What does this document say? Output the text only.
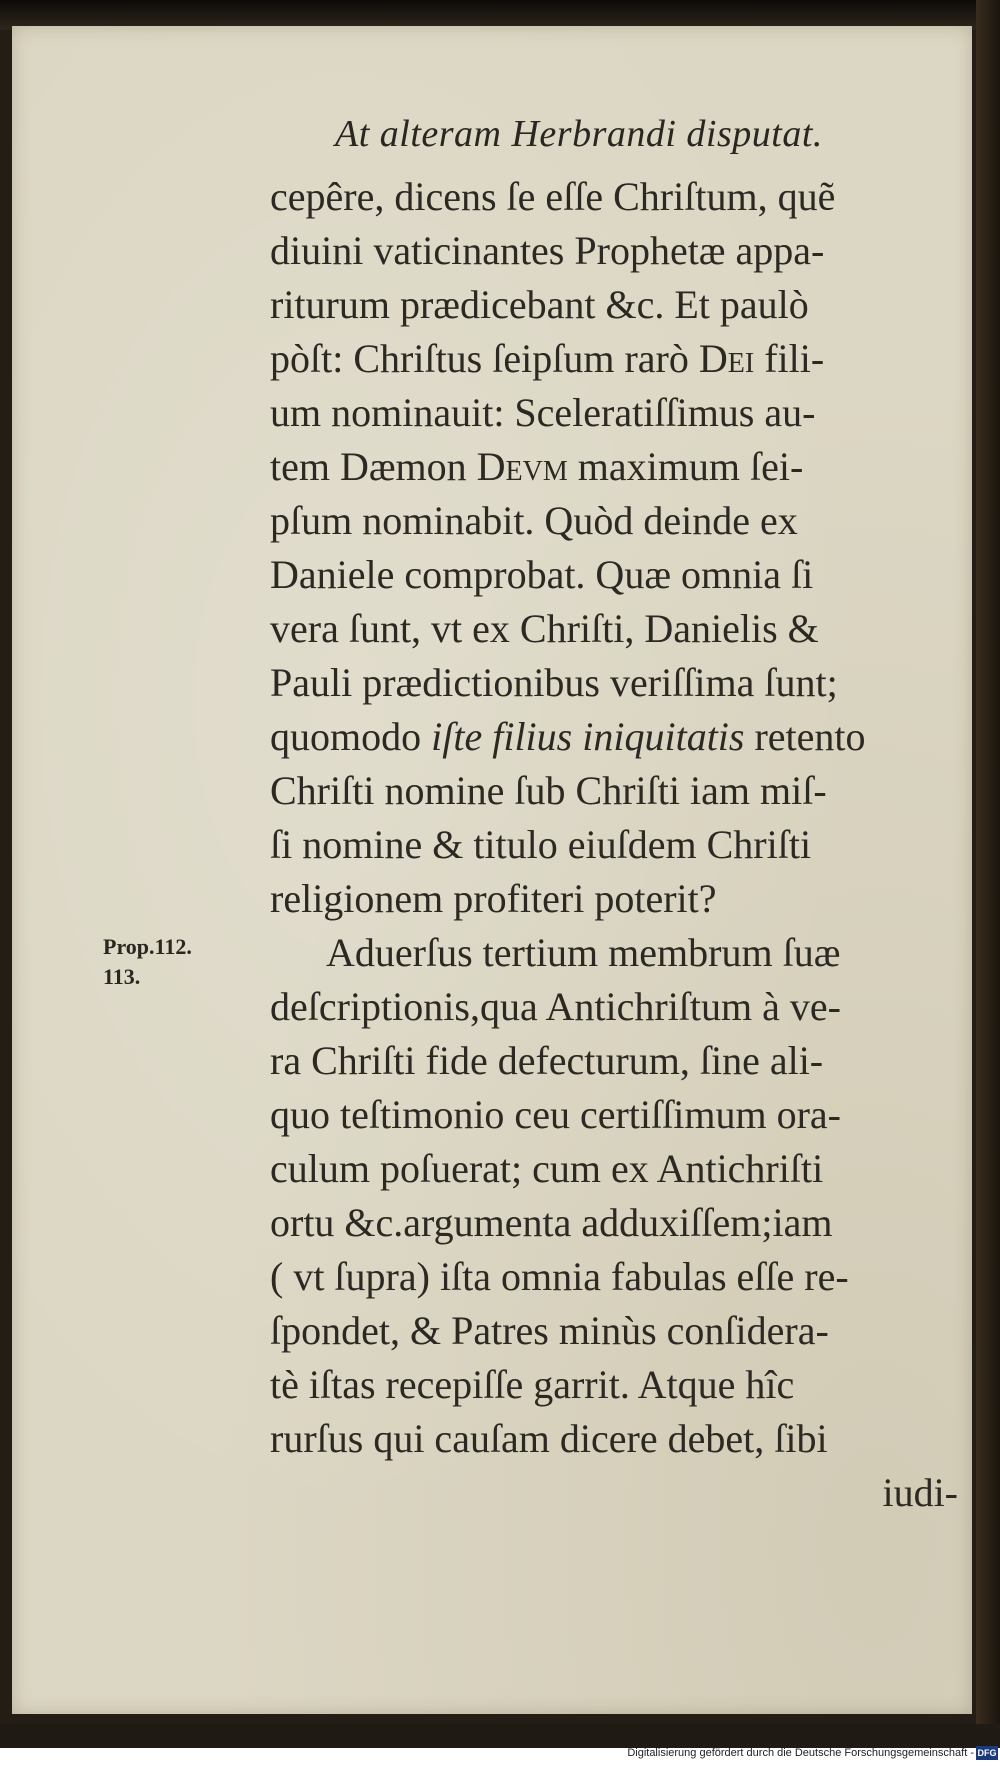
At alteram Herbrandi disputat.
Prop.112.
113.
cepêre, dicens ſe eſſe Chriſtum, quẽ
diuini vaticinantes Prophetæ appa-
riturum prædicebant &c. Et paulò
pòſt: Chriſtus ſeipſum rarò Dei fili-
um nominauit: Sceleratiſſimus au-
tem Dæmon Devm maximum ſei-
pſum nominabit. Quòd deinde ex
Daniele comprobat. Quæ omnia ſi
vera ſunt, vt ex Chriſti, Danielis &
Pauli prædictionibus veriſſima ſunt;
quomodo iſte filius iniquitatis retento
Chriſti nomine ſub Chriſti iam miſ-
ſi nomine & titulo eiuſdem Chriſti
religionem profiteri poterit?
Aduerſus tertium membrum ſuæ
deſcriptionis,qua Antichriſtum à ve-
ra Chriſti fide defecturum, ſine ali-
quo teſtimonio ceu certiſſimum ora-
culum poſuerat; cum ex Antichriſti
ortu &c.argumenta adduxiſſem;iam
( vt ſupra) iſta omnia fabulas eſſe re-
ſpondet, & Patres minùs conſidera-
tè iſtas recepiſſe garrit. Atque hîc
rurſus qui cauſam dicere debet, ſibi
iudi-
Digitalisierung gefördert durch die Deutsche Forschungsgemeinschaft - DFG
